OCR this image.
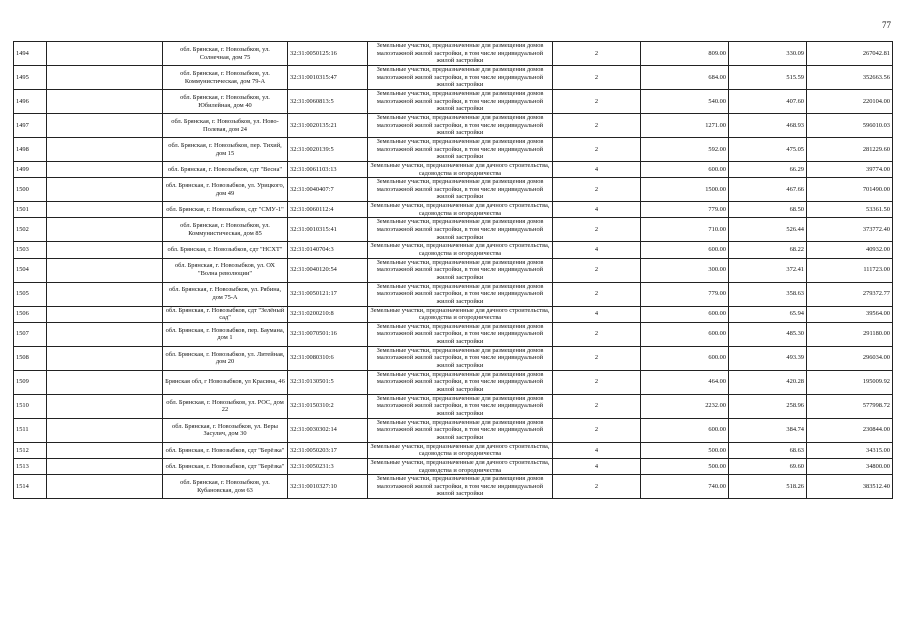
77
1494		обл. Брянская, г. Новозыбков, ул. Солнечная, дом 75	32:31:0050125:16	Земельные участки, предназначенные для размещения домов малоэтажной жилой застройки, в том числе индивидуальной жилой застройки	2	809.00	330.09	267042.81
1495		обл. Брянская, г. Новозыбков, ул. Коммунистическая, дом 79-А	32:31:0010315:47	Земельные участки, предназначенные для размещения домов малоэтажной жилой застройки, в том числе индивидуальной жилой застройки	2	684.00	515.59	352663.56
1496		обл. Брянская, г. Новозыбков, ул. Юбилейная, дом 40	32:31:0060813:5	Земельные участки, предназначенные для размещения домов малоэтажной жилой застройки, в том числе индивидуальной жилой застройки	2	540.00	407.60	220104.00
1497		обл. Брянская, г. Новозыбков, ул. Ново-Полевая, дом 24	32:31:0020135:21	Земельные участки, предназначенные для размещения домов малоэтажной жилой застройки, в том числе индивидуальной жилой застройки	2	1271.00	468.93	596010.03
1498		обл. Брянская, г. Новозыбков, пер. Тихий, дом 15	32:31:0020139:5	Земельные участки, предназначенные для размещения домов малоэтажной жилой застройки, в том числе индивидуальной жилой застройки	2	592.00	475.05	281229.60
1499		обл. Брянская, г. Новозыбков, сдт "Весна"	32:31:0061103:13	Земельные участки, предназначенные для дачного строительства, садоводства и огородничества	4	600.00	66.29	39774.00
1500		обл. Брянская, г. Новозыбков, ул. Урицкого, дом 49	32:31:0040407:7	Земельные участки, предназначенные для размещения домов малоэтажной жилой застройки, в том числе индивидуальной жилой застройки	2	1500.00	467.66	701490.00
1501		обл. Брянская, г. Новозыбков, сдт "СМУ-1"	32:31:0060112:4	Земельные участки, предназначенные для дачного строительства, садоводства и огородничества	4	779.00	68.50	53361.50
1502		обл. Брянская, г. Новозыбков, ул. Коммунистическая, дом 85	32:31:0010315:41	Земельные участки, предназначенные для размещения домов малоэтажной жилой застройки, в том числе индивидуальной жилой застройки	2	710.00	526.44	373772.40
1503		обл. Брянская, г. Новозыбков, сдт "НСХТ"	32:31:0140704:3	Земельные участки, предназначенные для дачного строительства, садоводства и огородничества	4	600.00	68.22	40932.00
1504		обл. Брянская, г. Новозыбков, ул. ОХ "Волна революции"	32:31:0040120:54	Земельные участки, предназначенные для размещения домов малоэтажной жилой застройки, в том числе индивидуальной жилой застройки	2	300.00	372.41	111723.00
1505		обл. Брянская, г. Новозыбков, ул. Рябина, дом 75-А	32:31:0050121:17	Земельные участки, предназначенные для размещения домов малоэтажной жилой застройки, в том числе индивидуальной жилой застройки	2	779.00	358.63	279372.77
1506		обл. Брянская, г. Новозыбков, сдт "Зелёный сад"	32:31:0200210:8	Земельные участки, предназначенные для дачного строительства, садоводства и огородничества	4	600.00	65.94	39564.00
1507		обл. Брянская, г. Новозыбков, пер. Баумана, дом 1	32:31:0070501:16	Земельные участки, предназначенные для размещения домов малоэтажной жилой застройки, в том числе индивидуальной жилой застройки	2	600.00	485.30	291180.00
1508		обл. Брянская, г. Новозыбков, ул. Литейная, дом 20	32:31:0080310:6	Земельные участки, предназначенные для размещения домов малоэтажной жилой застройки, в том числе индивидуальной жилой застройки	2	600.00	493.39	296034.00
1509		Брянская обл, г Новозыбков, ул Красина, 46	32:31:0130501:5	Земельные участки, предназначенные для размещения домов малоэтажной жилой застройки, в том числе индивидуальной жилой застройки	2	464.00	420.28	195009.92
1510		обл. Брянская, г. Новозыбков, ул. РОС, дом 22	32:31:0150310:2	Земельные участки, предназначенные для размещения домов малоэтажной жилой застройки, в том числе индивидуальной жилой застройки	2	2232.00	258.96	577998.72
1511		обл. Брянская, г. Новозыбков, ул. Веры Засулич, дом 30	32:31:0030302:14	Земельные участки, предназначенные для размещения домов малоэтажной жилой застройки, в том числе индивидуальной жилой застройки	2	600.00	384.74	230844.00
1512		обл. Брянская, г. Новозыбков, сдт "Берёзка"	32:31:0050203:17	Земельные участки, предназначенные для дачного строительства, садоводства и огородничества	4	500.00	68.63	34315.00
1513		обл. Брянская, г. Новозыбков, сдт "Берёзка"	32:31:0050231:3	Земельные участки, предназначенные для дачного строительства, садоводства и огородничества	4	500.00	69.60	34800.00
1514		обл. Брянская, г. Новозыбков, ул. Кубановская, дом 63	32:31:0010327:10	Земельные участки, предназначенные для размещения домов малоэтажной жилой застройки, в том числе индивидуальной жилой застройки	2	740.00	518.26	383512.40
